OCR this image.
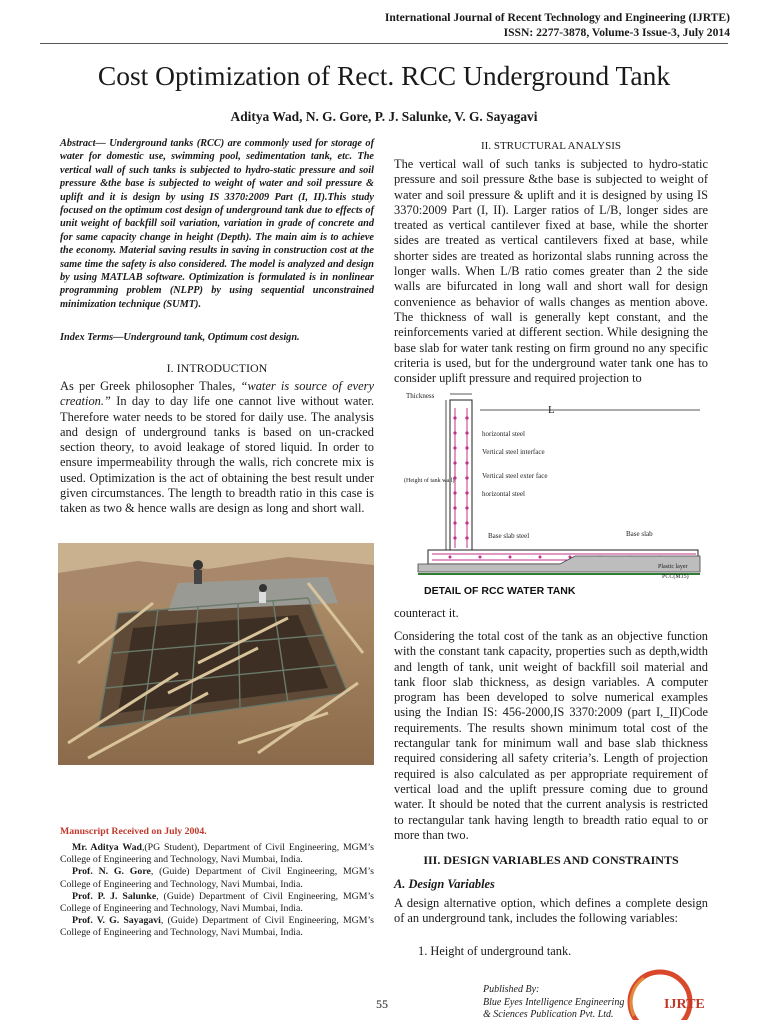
International Journal of Recent Technology and Engineering (IJRTE)
ISSN: 2277-3878, Volume-3 Issue-3, July 2014
Cost Optimization of Rect. RCC Underground Tank
Aditya Wad, N. G. Gore, P. J. Salunke, V. G. Sayagavi
Abstract— Underground tanks (RCC) are commonly used for storage of water for domestic use, swimming pool, sedimentation tank, etc. The vertical wall of such tanks is subjected to hydro-static pressure and soil pressure &the base is subjected to weight of water and soil pressure & uplift and it is design by using IS 3370:2009 Part (I, II).This study focused on the optimum cost design of underground tank due to effects of unit weight of backfill soil variation, variation in grade of concrete and for same capacity change in height (Depth). The main aim is to achieve the economy. Material saving results in saving in construction cost at the same time the safety is also considered. The model is analyzed and design by using MATLAB software. Optimization is formulated is in nonlinear programming problem (NLPP) by using sequential unconstrained minimization technique (SUMT).
Index Terms—Underground tank, Optimum cost design.
I. INTRODUCTION
As per Greek philosopher Thales, “water is source of every creation.” In day to day life one cannot live without water. Therefore water needs to be stored for daily use. The analysis and design of underground tanks is based on un-cracked section theory, to avoid leakage of stored liquid. In order to ensure impermeability through the walls, rich concrete mix is used. Optimization is the act of obtaining the best result under given circumstances. The length to breadth ratio in this case is taken as two & hence walls are design as long and short wall.
Manuscript Received on July 2004.

Mr. Aditya Wad,(PG Student), Department of Civil Engineering, MGM’s College of Engineering and Technology, Navi Mumbai, India.

Prof. N. G. Gore, (Guide) Department of Civil Engineering, MGM’s College of Engineering and Technology, Navi Mumbai, India.

Prof. P. J. Salunke, (Guide) Department of Civil Engineering, MGM’s College of Engineering and Technology, Navi Mumbai, India.

Prof. V. G. Sayagavi, (Guide) Department of Civil Engineering, MGM’s College of Engineering and Technology, Navi Mumbai, India.

II. STRUCTURAL ANALYSIS
The vertical wall of such tanks is subjected to hydro-static pressure and soil pressure &the base is subjected to weight of water and soil pressure & uplift and it is designed by using IS 3370:2009 Part (I, II). Larger ratios of L/B, longer sides are treated as vertical cantilever fixed at base, while the shorter sides are treated as vertical cantilevers fixed at base, while shorter sides are treated as horizontal slabs running across the longer walls. When L/B ratio comes greater than 2 the side walls are bifurcated in long wall and short wall for design convenience as behavior of walls changes as mention above. The thickness of wall is generally kept constant, and the reinforcements varied at different section. While designing the base slab for water tank resting on firm ground no any specific criteria is used, but for the underground water tank one has to consider uplift pressure and required projection to
Thickness
L
horizontal steel
Vertical steel interface
(Height of tank wall)
Vertical steel exter face
horizontal steel
Base slab steel	Base slab
Plastic layer
PCC(M15)
DETAIL OF RCC WATER TANK
counteract it.
Considering the total cost of the tank as an objective function with the constant tank capacity, properties such as depth,width and length of tank, unit weight of backfill soil material and tank floor slab thickness, as design variables. A computer program has been developed to solve numerical examples using the Indian IS: 456-2000,IS 3370:2009 (part I,_II)Code requirements. The results shown minimum total cost of the rectangular tank for minimum wall and base slab thickness required considering all safety criteria’s. Length of projection required is also calculated as per appropriate requirement of vertical load and the uplift pressure coming due to ground water. It should be noted that the current analysis is restricted to rectangular tank having length to breadth ratio equal to or more than two.
III. DESIGN VARIABLES AND CONSTRAINTS
A. Design Variables
A design alternative option, which defines a complete design of an underground tank, includes the following variables:
1. Height of underground tank.
55
Published By:
Blue Eyes Intelligence Engineering
& Sciences Publication Pvt. Ltd.
IJRTE
